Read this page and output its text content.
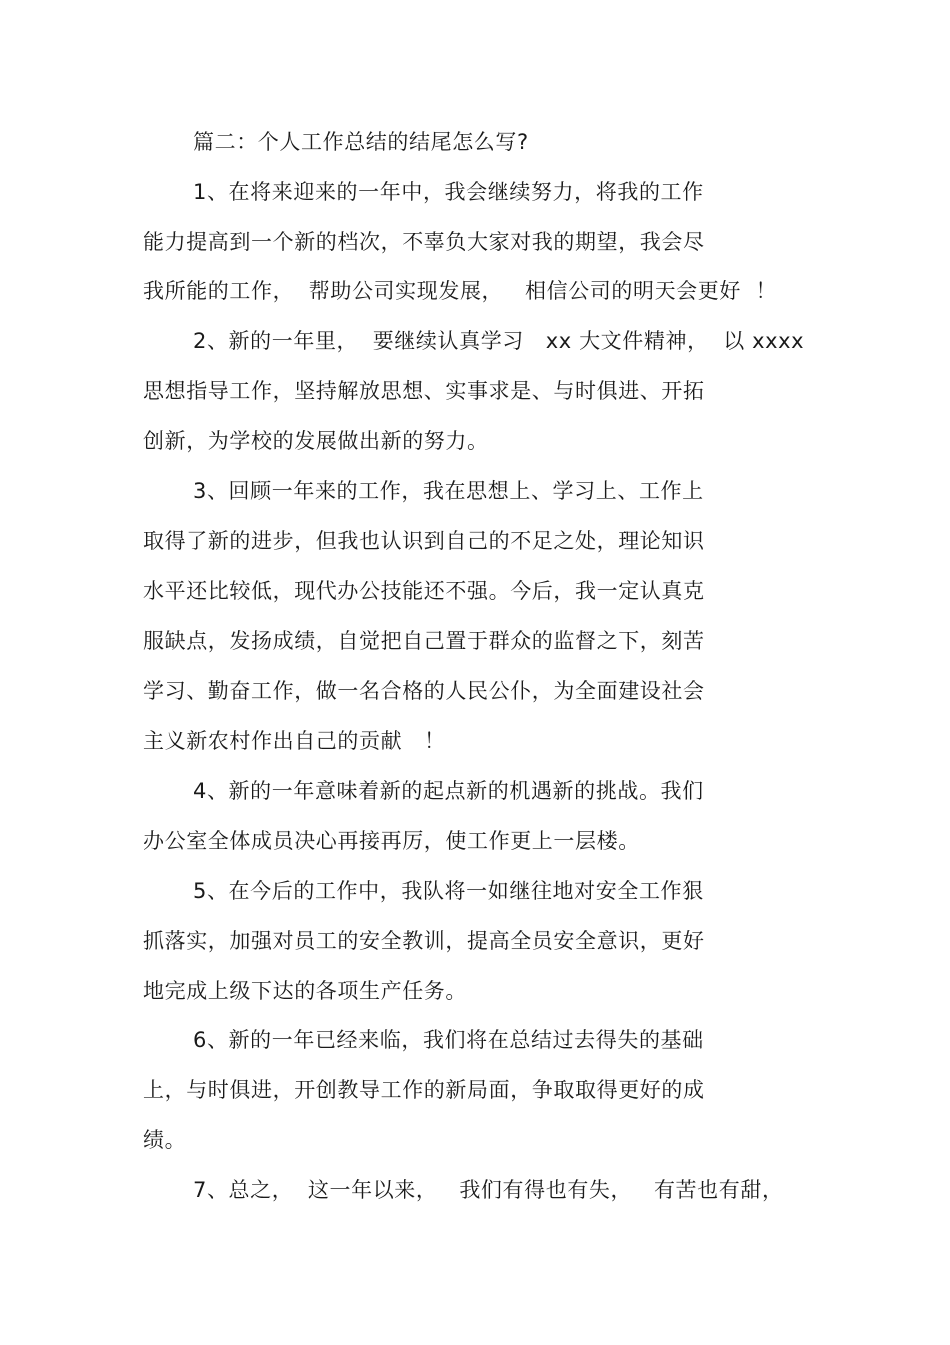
篇二：个人工作总结的结尾怎么写?
1、在将来迎来的一年中，我会继续努力，将我的工作
能力提高到一个新的档次，不辜负大家对我的期望，我会尽
我所能的工作，  帮助公司实现发展，   相信公司的明天会更好  ！
2、新的一年里，  要继续认真学习   xx 大文件精神，  以 xxxx
思想指导工作，坚持解放思想、实事求是、与时俱进、开拓
创新，为学校的发展做出新的努力。
3、回顾一年来的工作，我在思想上、学习上、工作上
取得了新的进步，但我也认识到自己的不足之处，理论知识
水平还比较低，现代办公技能还不强。今后，我一定认真克
服缺点，发扬成绩，自觉把自己置于群众的监督之下，刻苦
学习、勤奋工作，做一名合格的人民公仆，为全面建设社会
主义新农村作出自己的贡献   ！
4、新的一年意味着新的起点新的机遇新的挑战。我们
办公室全体成员决心再接再厉，使工作更上一层楼。
5、在今后的工作中，我队将一如继往地对安全工作狠
抓落实，加强对员工的安全教训，提高全员安全意识，更好
地完成上级下达的各项生产任务。
6、新的一年已经来临，我们将在总结过去得失的基础
上，与时俱进，开创教导工作的新局面，争取取得更好的成
绩。
7、总之，  这一年以来，   我们有得也有失，   有苦也有甜，
